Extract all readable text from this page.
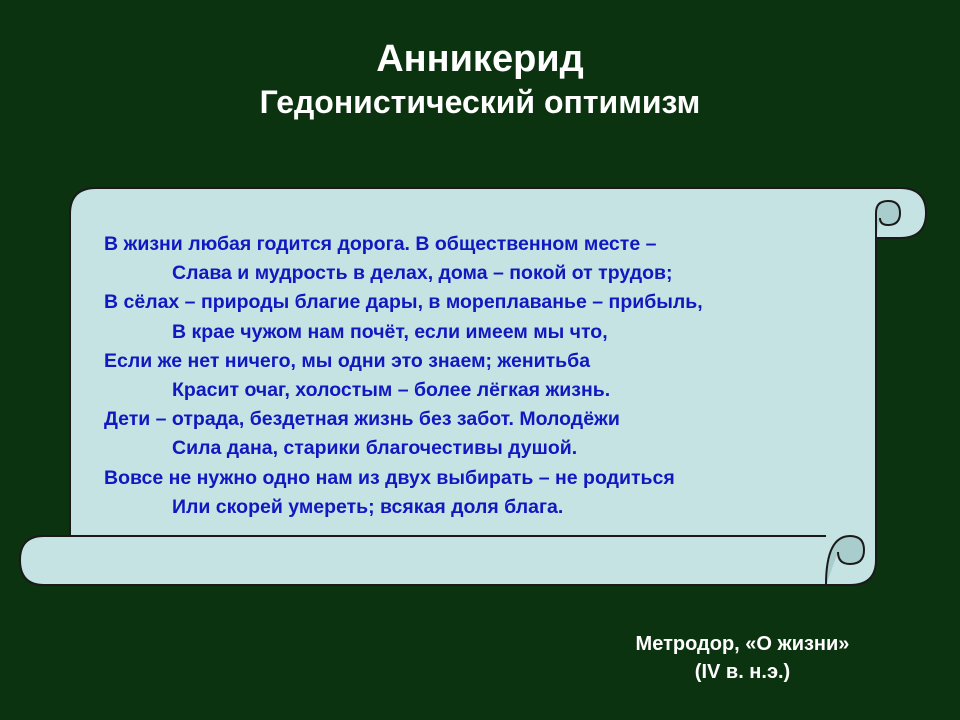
Анникерид
Гедонистический оптимизм
В жизни любая годится дорога. В общественном месте –
Слава и мудрость в делах, дома – покой от трудов;
В сёлах – природы благие дары, в мореплаванье – прибыль,
В крае чужом нам почёт, если имеем мы что,
Если же нет ничего, мы одни это знаем; женитьба
Красит очаг, холостым – более лёгкая жизнь.
Дети – отрада, бездетная жизнь без забот. Молодёжи
Сила дана, старики благочестивы душой.
Вовсе не нужно одно нам из двух выбирать – не родиться
Или скорей умереть; всякая доля блага.
Метродор, «О жизни»
(IV в. н.э.)
